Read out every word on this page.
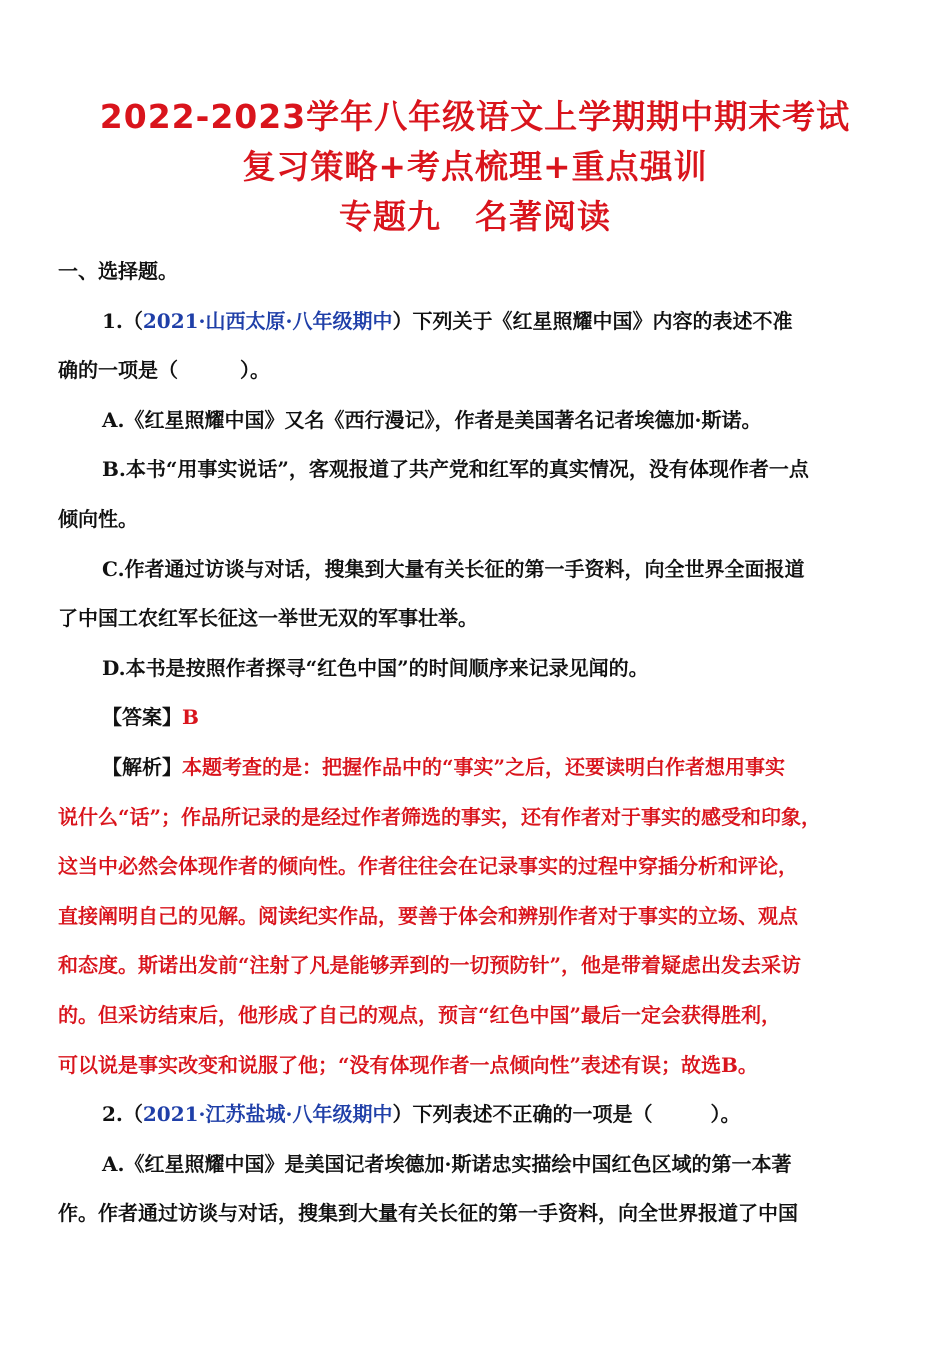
2022-2023学年八年级语文上学期期中期末考试
复习策略+考点梳理+重点强训
专题九　名著阅读
一、选择题。
1.（2021·山西太原·八年级期中）下列关于《红星照耀中国》内容的表述不准
确的一项是（	）。
A.《红星照耀中国》又名《西行漫记》，作者是美国著名记者埃德加·斯诺。
B.本书“用事实说话”，客观报道了共产党和红军的真实情况，没有体现作者一点
倾向性。
C.作者通过访谈与对话，搜集到大量有关长征的第一手资料，向全世界全面报道
了中国工农红军长征这一举世无双的军事壮举。
D.本书是按照作者探寻“红色中国”的时间顺序来记录见闻的。
【答案】B
【解析】本题考查的是：把握作品中的“事实”之后，还要读明白作者想用事实
说什么“话”；作品所记录的是经过作者筛选的事实，还有作者对于事实的感受和印象，
这当中必然会体现作者的倾向性。作者往往会在记录事实的过程中穿插分析和评论，
直接阐明自己的见解。阅读纪实作品，要善于体会和辨别作者对于事实的立场、观点
和态度。斯诺出发前“注射了凡是能够弄到的一切预防针”，他是带着疑虑出发去采访
的。但采访结束后，他形成了自己的观点，预言“红色中国”最后一定会获得胜利，
可以说是事实改变和说服了他；“没有体现作者一点倾向性”表述有误；故选B。
2.（2021·江苏盐城·八年级期中）下列表述不正确的一项是（	）。
A.《红星照耀中国》是美国记者埃德加·斯诺忠实描绘中国红色区域的第一本著
作。作者通过访谈与对话，搜集到大量有关长征的第一手资料，向全世界报道了中国
